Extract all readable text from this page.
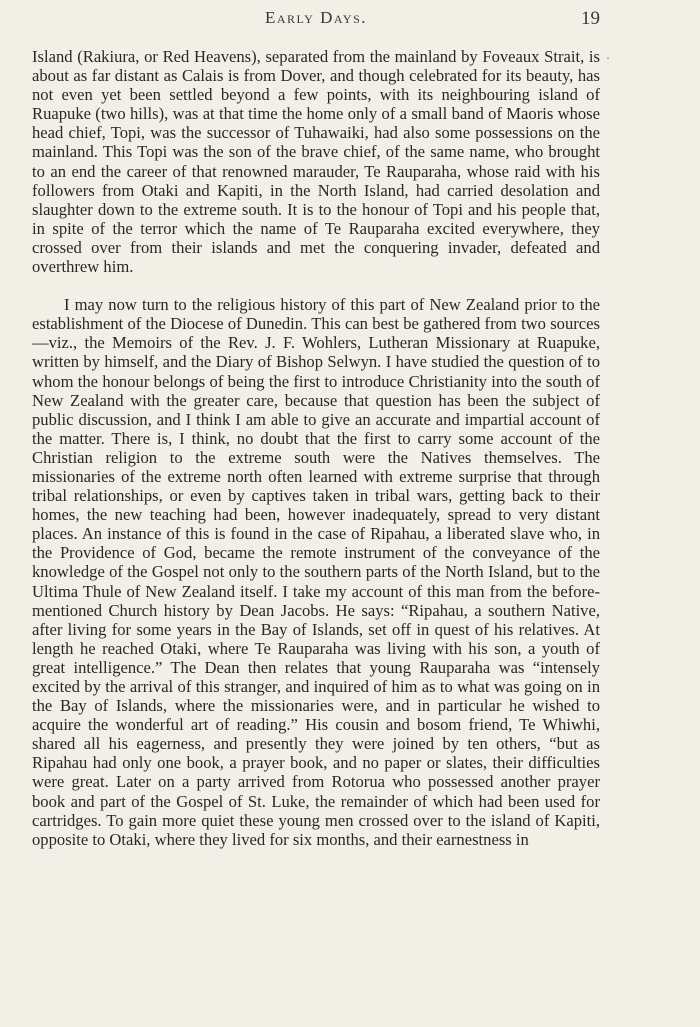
Early Days.	19
·

Island (Rakiura, or Red Heavens), separated from the mainland by Foveaux Strait, is about as far distant as Calais is from Dover, and though celebrated for its beauty, has not even yet been settled beyond a few points, with its neighbouring island of Ruapuke (two hills), was at that time the home only of a small band of Maoris whose head chief, Topi, was the successor of Tuhawaiki, had also some possessions on the mainland. This Topi was the son of the brave chief, of the same name, who brought to an end the career of that renowned marauder, Te Rauparaha, whose raid with his followers from Otaki and Kapiti, in the North Island, had carried desolation and slaughter down to the extreme south. It is to the honour of Topi and his people that, in spite of the terror which the name of Te Rauparaha excited everywhere, they crossed over from their islands and met the conquering invader, defeated and overthrew him.

I may now turn to the religious history of this part of New Zealand prior to the establishment of the Diocese of Dunedin. This can best be gathered from two sources—viz., the Memoirs of the Rev. J. F. Wohlers, Lutheran Missionary at Ruapuke, written by himself, and the Diary of Bishop Selwyn. I have studied the question of to whom the honour belongs of being the first to introduce Christianity into the south of New Zealand with the greater care, because that question has been the subject of public discussion, and I think I am able to give an accurate and impartial account of the matter. There is, I think, no doubt that the first to carry some account of the Christian religion to the extreme south were the Natives themselves. The missionaries of the extreme north often learned with extreme surprise that through tribal relationships, or even by captives taken in tribal wars, getting back to their homes, the new teaching had been, however inadequately, spread to very distant places. An instance of this is found in the case of Ripahau, a liberated slave who, in the Providence of God, became the remote instrument of the conveyance of the knowledge of the Gospel not only to the southern parts of the North Island, but to the Ultima Thule of New Zealand itself. I take my account of this man from the before-mentioned Church history by Dean Jacobs. He says: “Ripahau, a southern Native, after living for some years in the Bay of Islands, set off in quest of his relatives. At length he reached Otaki, where Te Rauparaha was living with his son, a youth of great intelligence.” The Dean then relates that young Rauparaha was “intensely excited by the arrival of this stranger, and inquired of him as to what was going on in the Bay of Islands, where the missionaries were, and in particular he wished to acquire the wonderful art of reading.” His cousin and bosom friend, Te Whiwhi, shared all his eagerness, and presently they were joined by ten others, “but as Ripahau had only one book, a prayer book, and no paper or slates, their difficulties were great. Later on a party arrived from Rotorua who possessed another prayer book and part of the Gospel of St. Luke, the remainder of which had been used for cartridges. To gain more quiet these young men crossed over to the island of Kapiti, opposite to Otaki, where they lived for six months, and their earnestness in
